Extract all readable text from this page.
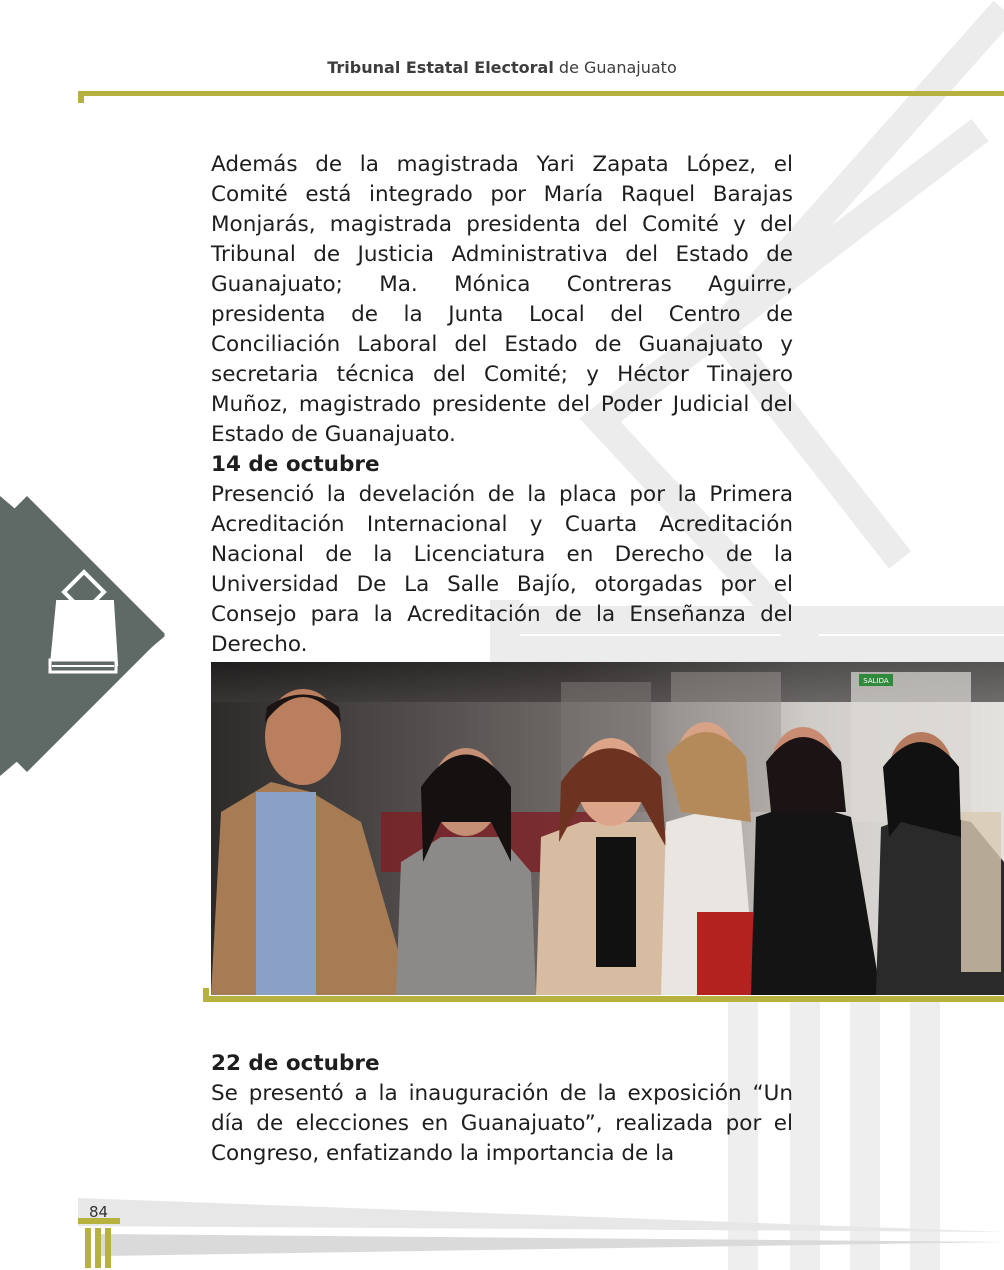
Tribunal Estatal Electoral de Guanajuato
Además de la magistrada Yari Zapata López, el Comité está integrado por María Raquel Barajas Monjarás, magistrada presidenta del Comité y del Tribunal de Justicia Administrativa del Estado de Guanajuato; Ma. Mónica Contreras Aguirre, presidenta de la Junta Local del Centro de Conciliación Laboral del Estado de Guanajuato y secretaria técnica del Comité; y Héctor Tinajero Muñoz, magistrado presidente del Poder Judicial del Estado de Guanajuato.
14 de octubre
Presenció la develación de la placa por la Primera Acreditación Internacional y Cuarta Acreditación Nacional de la Licenciatura en Derecho de la Universidad De La Salle Bajío, otorgadas por el Consejo para la Acreditación de la Enseñanza del Derecho.
SALIDA
22 de octubre
Se presentó a la inauguración de la exposición “Un día de elecciones en Guanajuato”, realizada por el Congreso, enfatizando la importancia de la
84
